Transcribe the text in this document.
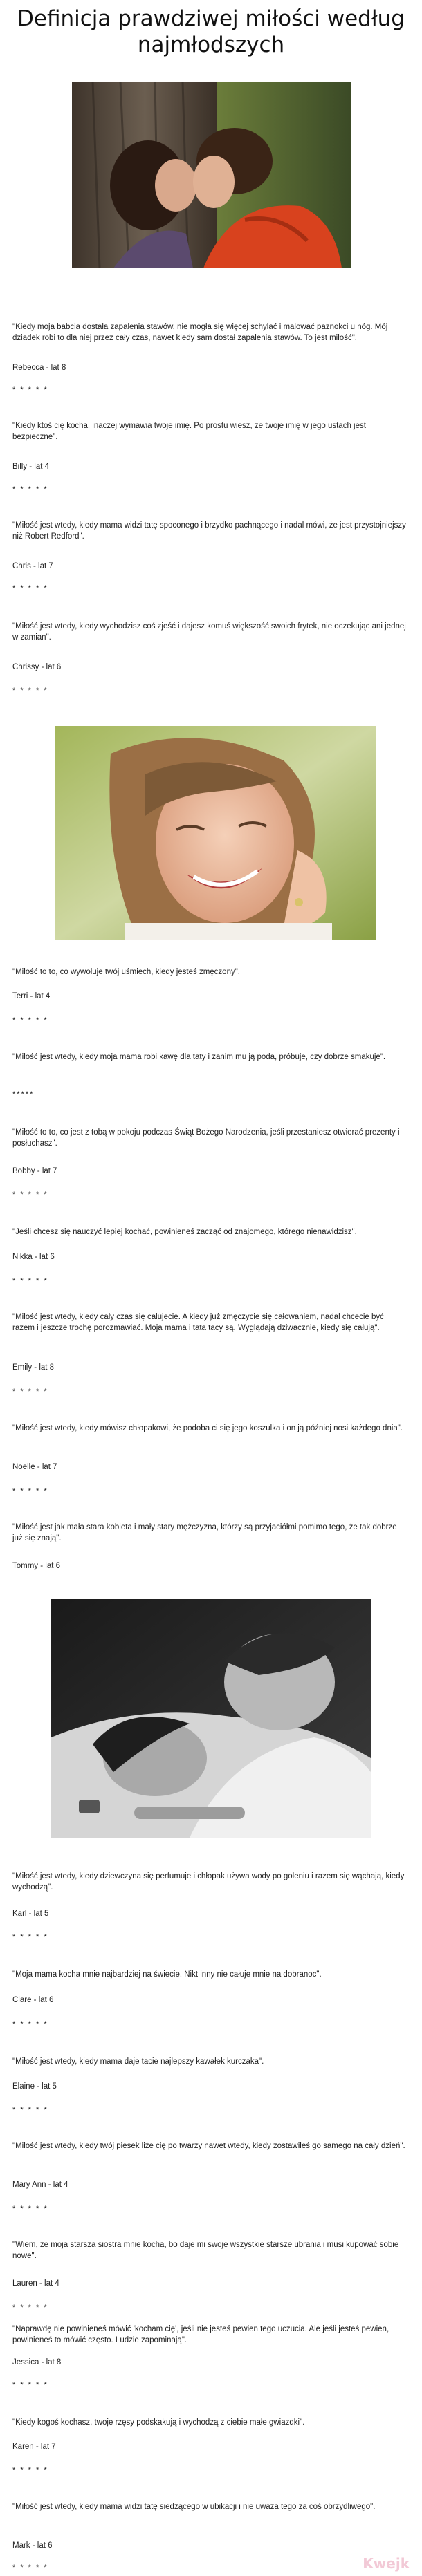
Definicja prawdziwej miłości według najmłodszych
"Kiedy moja babcia dostała zapalenia stawów, nie mogła się więcej schylać i malować paznokci u nóg. Mój dziadek robi to dla niej przez cały czas, nawet kiedy sam dostał zapalenia stawów. To jest miłość".
Rebecca - lat 8
* * * * *
"Kiedy ktoś cię kocha, inaczej wymawia twoje imię. Po prostu wiesz, że twoje imię w jego ustach jest bezpieczne".
Billy - lat 4
* * * * *
"Miłość jest wtedy, kiedy mama widzi tatę spoconego i brzydko pachnącego i nadal mówi, że jest przystojniejszy niż Robert Redford".
Chris - lat 7
* * * * *
"Miłość jest wtedy, kiedy wychodzisz coś zjeść i dajesz komuś większość swoich frytek, nie oczekując ani jednej w zamian".
Chrissy - lat 6
* * * * *
"Miłość to to, co wywołuje twój uśmiech, kiedy jesteś zmęczony".
Terri - lat 4
* * * * *
"Miłość jest wtedy, kiedy moja mama robi kawę dla taty i zanim mu ją poda, próbuje, czy dobrze smakuje".
*****
"Miłość to to, co jest z tobą w pokoju podczas Świąt Bożego Narodzenia, jeśli przestaniesz otwierać prezenty i posłuchasz".
Bobby - lat 7
* * * * *
"Jeśli chcesz się nauczyć lepiej kochać, powinieneś zacząć od znajomego, którego nienawidzisz".
Nikka - lat 6
* * * * *
"Miłość jest wtedy, kiedy cały czas się całujecie. A kiedy już zmęczycie się całowaniem, nadal chcecie być razem i jeszcze trochę porozmawiać. Moja mama i tata tacy są. Wyglądają dziwacznie, kiedy się całują".
Emily - lat 8
* * * * *
"Miłość jest wtedy, kiedy mówisz chłopakowi, że podoba ci się jego koszulka i on ją później nosi każdego dnia".
Noelle - lat 7
* * * * *
"Miłość jest jak mała stara kobieta i mały stary mężczyzna, którzy są przyjaciółmi pomimo tego, że tak dobrze już się znają".
Tommy - lat 6
"Miłość jest wtedy, kiedy dziewczyna się perfumuje i chłopak używa wody po goleniu i razem się wąchają, kiedy wychodzą".
Karl - lat 5
* * * * *
"Moja mama kocha mnie najbardziej na świecie. Nikt inny nie całuje mnie na dobranoc".
Clare - lat 6
* * * * *
"Miłość jest wtedy, kiedy mama daje tacie najlepszy kawałek kurczaka".
Elaine - lat 5
* * * * *
"Miłość jest wtedy, kiedy twój piesek liże cię po twarzy nawet wtedy, kiedy zostawiłeś go samego na cały dzień".
Mary Ann - lat 4
* * * * *
"Wiem, że moja starsza siostra mnie kocha, bo daje mi swoje wszystkie starsze ubrania i musi kupować sobie nowe".
Lauren - lat 4
* * * * *
"Naprawdę nie powinieneś mówić 'kocham cię', jeśli nie jesteś pewien tego uczucia. Ale jeśli jesteś pewien, powinieneś to mówić często. Ludzie zapominają".
Jessica - lat 8
* * * * *
"Kiedy kogoś kochasz, twoje rzęsy podskakują i wychodzą z ciebie małe gwiazdki".
Karen - lat 7
* * * * *
"Miłość jest wtedy, kiedy mama widzi tatę siedzącego w ubikacji i nie uważa tego za coś obrzydliwego".
Mark - lat 6
* * * * *	Kwejk
